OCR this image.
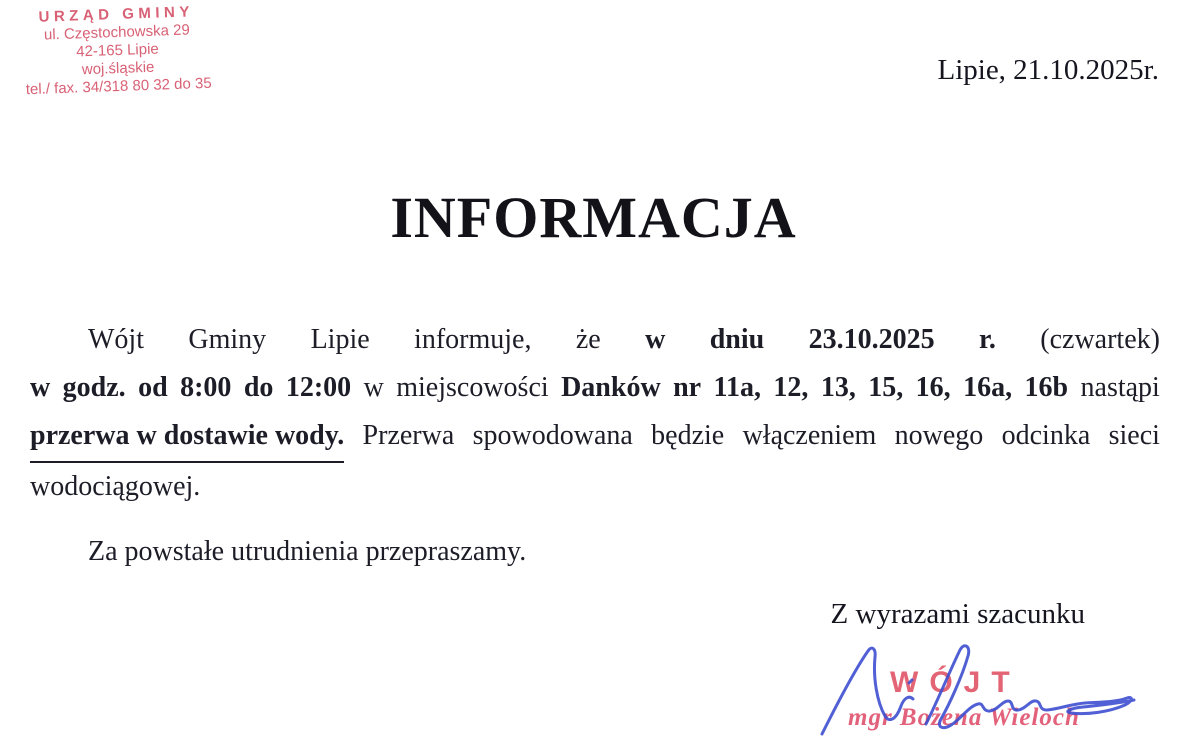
URZĄD GMINY
ul. Częstochowska 29
42-165 Lipie
woj.śląskie
tel./ fax. 34/318 80 32 do 35
Lipie, 21.10.2025r.
INFORMACJA
Wójt Gminy Lipie informuje, że w dniu 23.10.2025 r. (czwartek)
w godz. od 8:00 do 12:00 w miejscowości Danków nr 11a, 12, 13, 15, 16, 16a, 16b nastąpi
przerwa w dostawie wody. Przerwa spowodowana będzie włączeniem nowego odcinka sieci
wodociągowej.
Za powstałe utrudnienia przepraszamy.
Z wyrazami szacunku
WÓJT
mgr Bożena Wieloch
